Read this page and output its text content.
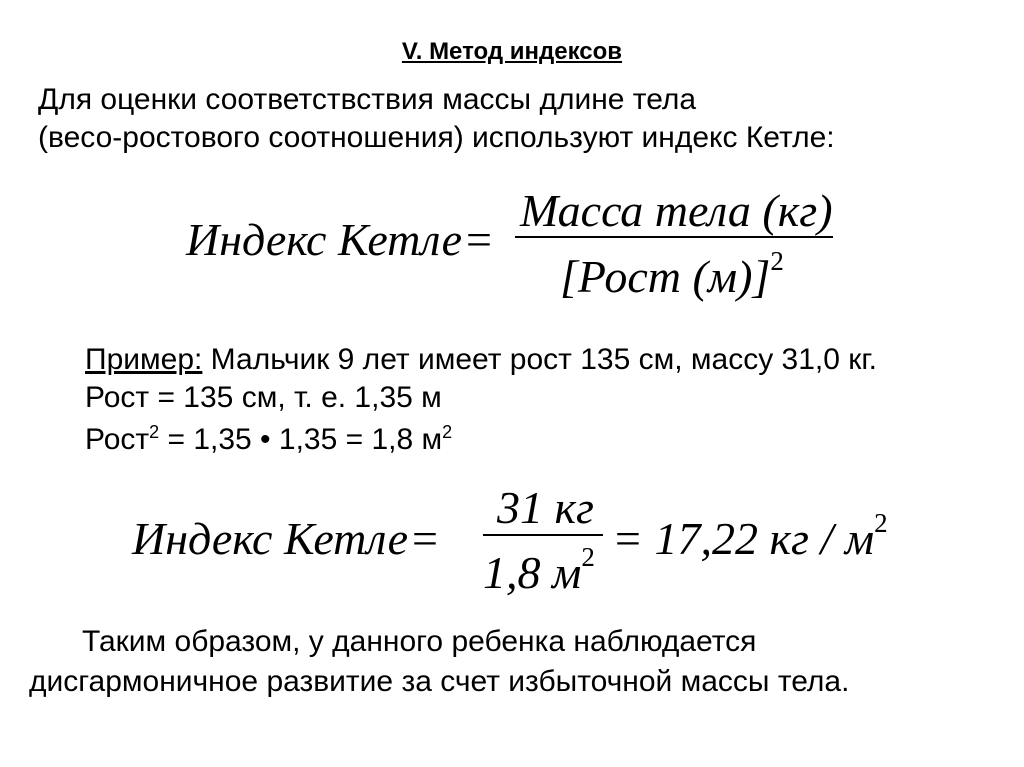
V. Метод индексов
Для оценки соответствствия массы длине тела
(весо-ростового соотношения) используют индекс Кетле:
Индекс Кетле=
Масса тела (кг)
[Рост (м)]$^2$
Пример: Мальчик 9 лет имеет рост 135 см, массу 31,0 кг.
Рост = 135 см, т. е. 1,35 м
Рост$^2$ = 1,35 • 1,35 = 1,8 $м^2$
Индекс Кетле=
31 кг
1,8 $м^2 = 17,22$ кг / $м^2$
Таким образом, у данного ребенка наблюдается
дисгармоничное развитие за счет избыточной массы тела.
